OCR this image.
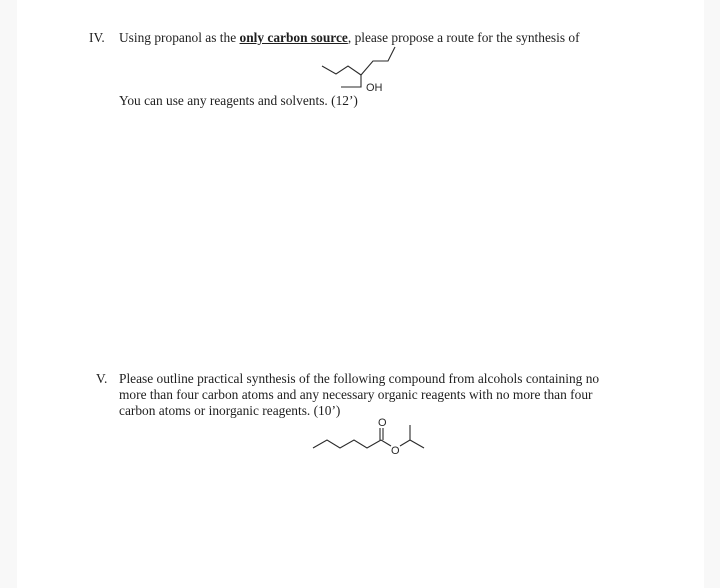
IV. Using propanol as the only carbon source, please propose a route for the synthesis of
OH
You can use any reagents and solvents. (12’)
V. Please outline practical synthesis of the following compound from alcohols containing no
more than four carbon atoms and any necessary organic reagents with no more than four
carbon atoms or inorganic reagents. (10’)
O
O
